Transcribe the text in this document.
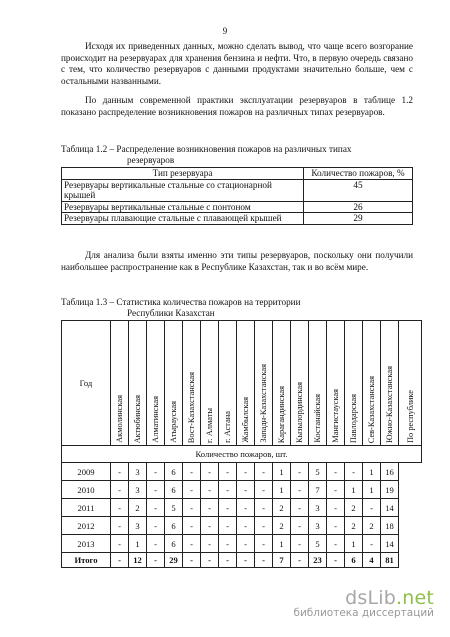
9

Исходя их приведенных данных, можно сделать вывод, что чаще всего возгорание происходит на резервуарах для хранения бензина и нефти. Что, в первую очередь связано с тем, что количество резервуаров с данными продуктами значительно больше, чем с остальными названными.

По данным современной практики эксплуатации резервуаров в таблице 1.2 показано распределение возникновения пожаров на различных типах резервуаров.

Таблица 1.2 – Распределение возникновения пожаров на различных типах
резервуаров
Тип резервуара	Количество пожаров, %
Резервуары вертикальные стальные со стационарной крышей	45
Резервуары вертикальные стальные с понтоном	26
Резервуары плавающие стальные с плавающей крышей	29

Для анализа были взяты именно эти типы резервуаров, поскольку они получили наибольшее распространение как в Республике Казахстан, так и во всём мире.

Таблица 1.3 – Статистика количества пожаров на территории
Республики Казахстан
Год	Акмолинская	Актюбинская	Алматинская	Атырауская	Вост-Казахстанская	г. Алматы	г. Астана	Жамбылская	Западн-Казахстанская	Карагандинская	Кызылординская	Костанайская	Мангистауская	Павлодарская	Сев-Казахстанская	Южно-Казахстанская	По республике
Количество пожаров, шт.																	
2009	-	3	-	6	-	-	-	-	-	1	-	5	-	-	1	16	
2010	-	3	-	6	-	-	-	-	-	1	-	7	-	1	1	19	
2011	-	2	-	5	-	-	-	-	-	2	-	3	-	2	-	14	
2012	-	3	-	6	-	-	-	-	-	2	-	3	-	2	2	18	
2013	-	1	-	6	-	-	-	-	-	1	-	5	-	1	-	14	
Итого	-	12	-	29	-	-	-	-	-	7	-	23	-	6	4	81	
dsLib.net
библиотека диссертаций
